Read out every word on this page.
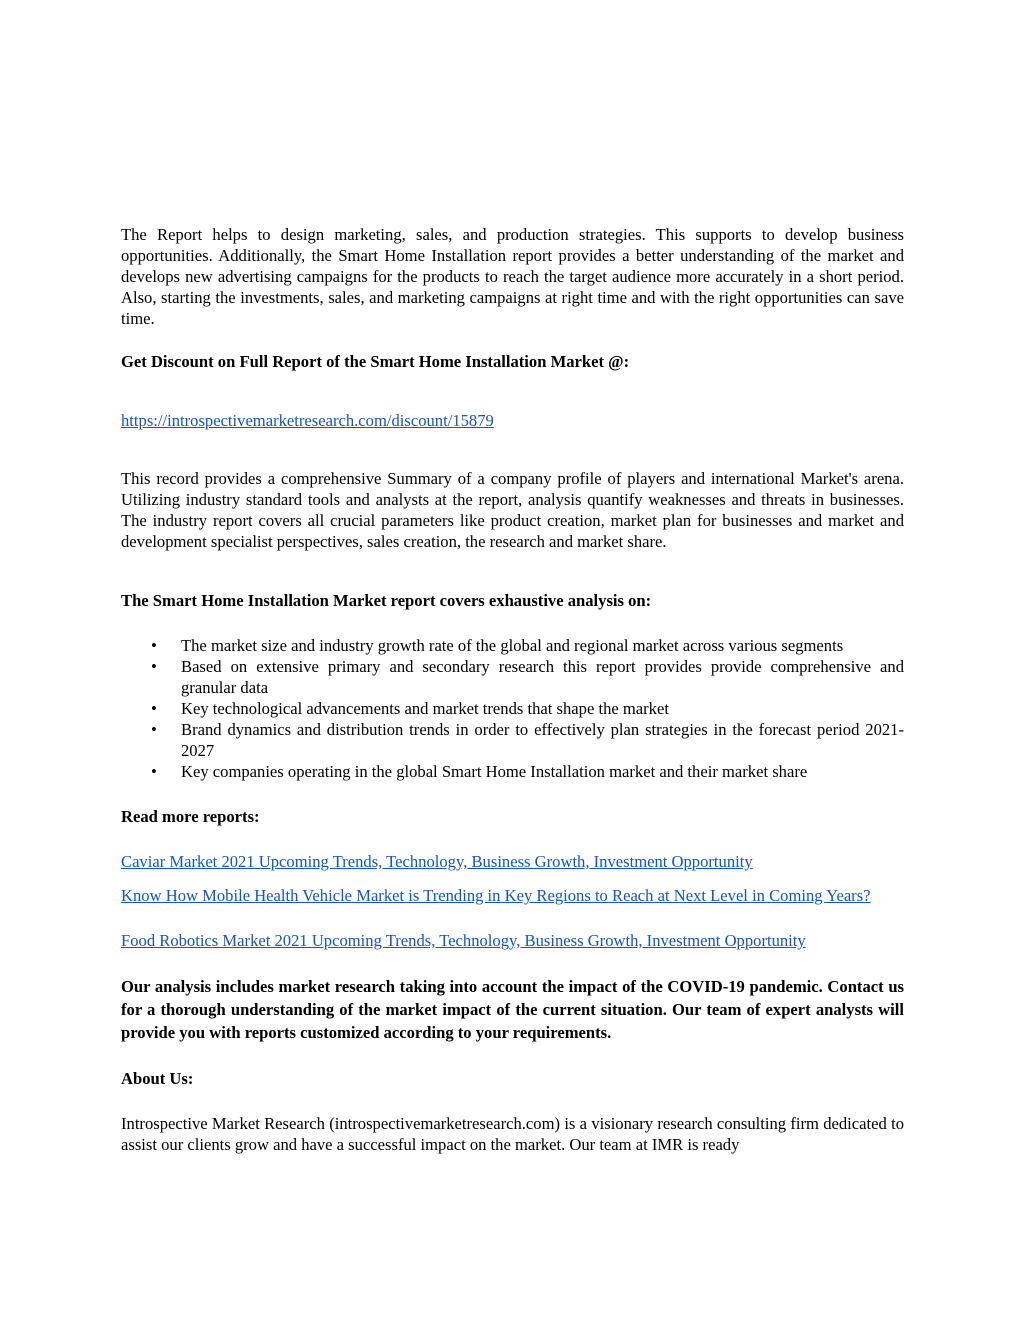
The Report helps to design marketing, sales, and production strategies. This supports to develop business opportunities. Additionally, the Smart Home Installation report provides a better understanding of the market and develops new advertising campaigns for the products to reach the target audience more accurately in a short period. Also, starting the investments, sales, and marketing campaigns at right time and with the right opportunities can save time.

Get Discount on Full Report of the Smart Home Installation Market @:

https://introspectivemarketresearch.com/discount/15879

This record provides a comprehensive Summary of a company profile of players and international Market's arena. Utilizing industry standard tools and analysts at the report, analysis quantify weaknesses and threats in businesses. The industry report covers all crucial parameters like product creation, market plan for businesses and market and development specialist perspectives, sales creation, the research and market share.

The Smart Home Installation Market report covers exhaustive analysis on:

• The market size and industry growth rate of the global and regional market across various segments
• Based on extensive primary and secondary research this report provides provide comprehensive and granular data
• Key technological advancements and market trends that shape the market
• Brand dynamics and distribution trends in order to effectively plan strategies in the forecast period 2021-2027
• Key companies operating in the global Smart Home Installation market and their market share

Read more reports:

Caviar Market 2021 Upcoming Trends, Technology, Business Growth, Investment Opportunity

Know How Mobile Health Vehicle Market is Trending in Key Regions to Reach at Next Level in Coming Years?

Food Robotics Market 2021 Upcoming Trends, Technology, Business Growth, Investment Opportunity

Our analysis includes market research taking into account the impact of the COVID-19 pandemic. Contact us for a thorough understanding of the market impact of the current situation. Our team of expert analysts will provide you with reports customized according to your requirements.

About Us:

Introspective Market Research (introspectivemarketresearch.com) is a visionary research consulting firm dedicated to assist our clients grow and have a successful impact on the market. Our team at IMR is ready
